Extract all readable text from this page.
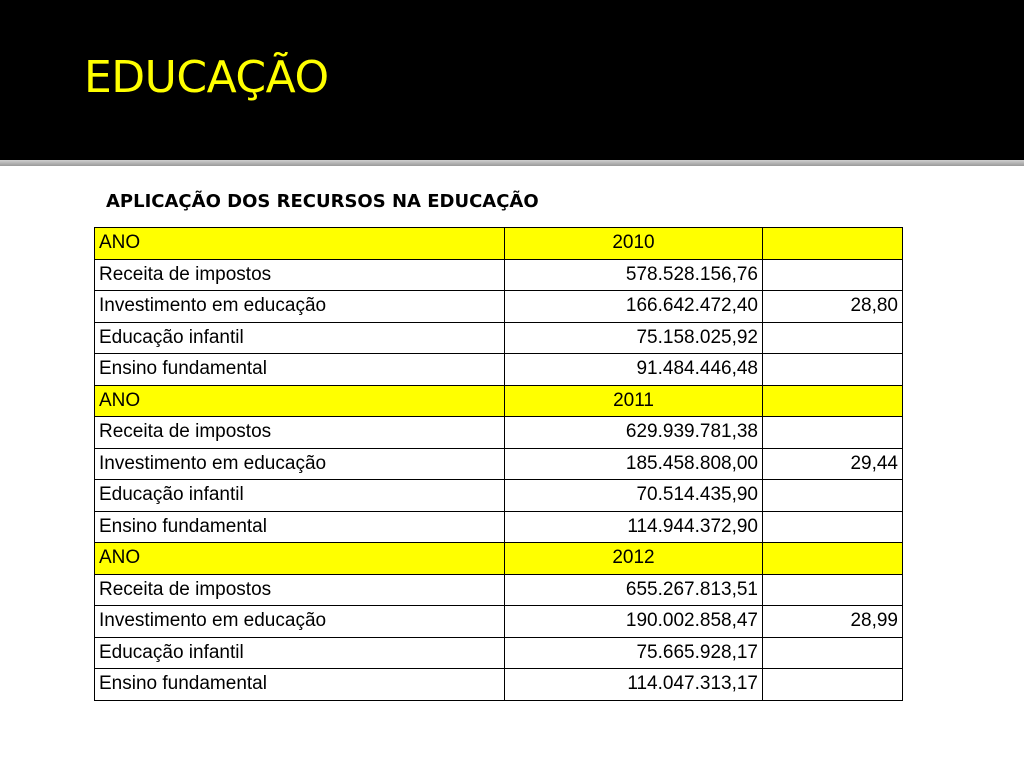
EDUCAÇÃO
APLICAÇÃO DOS RECURSOS NA EDUCAÇÃO
ANO	2010	
Receita de impostos	578.528.156,76	
Investimento em educação	166.642.472,40	28,80
Educação infantil	75.158.025,92	
Ensino fundamental	91.484.446,48	
ANO	2011	
Receita de impostos	629.939.781,38	
Investimento em educação	185.458.808,00	29,44
Educação infantil	70.514.435,90	
Ensino fundamental	114.944.372,90	
ANO	2012	
Receita de impostos	655.267.813,51	
Investimento em educação	190.002.858,47	28,99
Educação infantil	75.665.928,17	
Ensino fundamental	114.047.313,17	
